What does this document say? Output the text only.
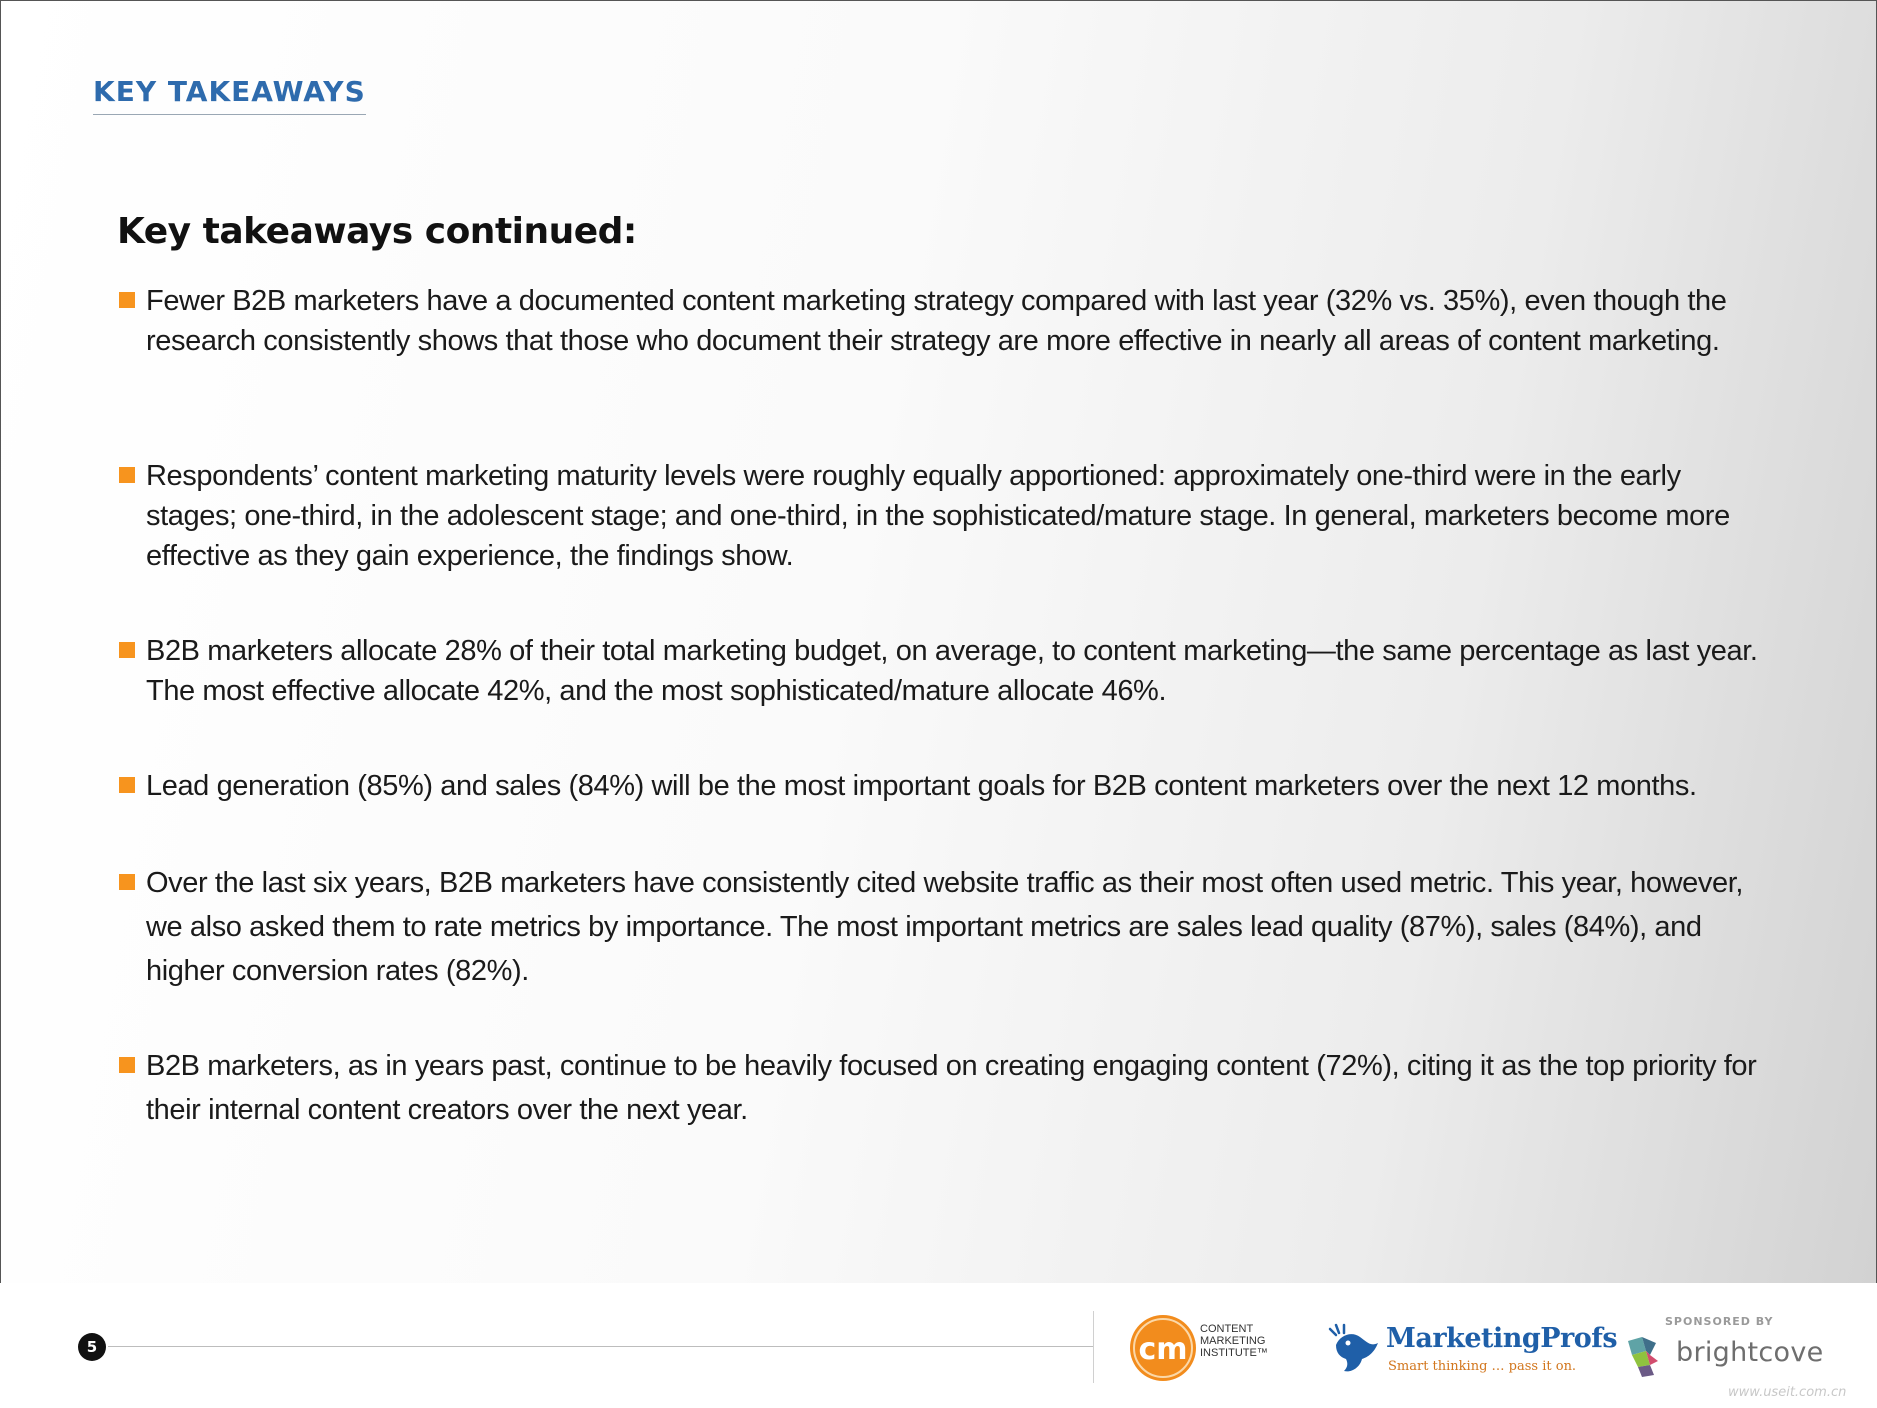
KEY TAKEAWAYS
Key takeaways continued:
Fewer B2B marketers have a documented content marketing strategy compared with last year (32% vs. 35%), even though the research consistently shows that those who document their strategy are more effective in nearly all areas of content marketing.
Respondents’ content marketing maturity levels were roughly equally apportioned: approximately one-third were in the early stages; one-third, in the adolescent stage; and one-third, in the sophisticated/mature stage. In general, marketers become more effective as they gain experience, the findings show.
B2B marketers allocate 28% of their total marketing budget, on average, to content marketing—the same percentage as last year. The most effective allocate 42%, and the most sophisticated/mature allocate 46%.
Lead generation (85%) and sales (84%) will be the most important goals for B2B content marketers over the next 12 months.
Over the last six years, B2B marketers have consistently cited website traffic as their most often used metric. This year, however, we also asked them to rate metrics by importance. The most important metrics are sales lead quality (87%), sales (84%), and higher conversion rates (82%).
B2B marketers, as in years past, continue to be heavily focused on creating engaging content (72%), citing it as the top priority for their internal content creators over the next year.
5	cm
CONTENT
MARKETING
INSTITUTE™	MarketingProfs
Smart thinking … pass it on.
SPONSORED BY
brightcove
www.useit.com.cn
